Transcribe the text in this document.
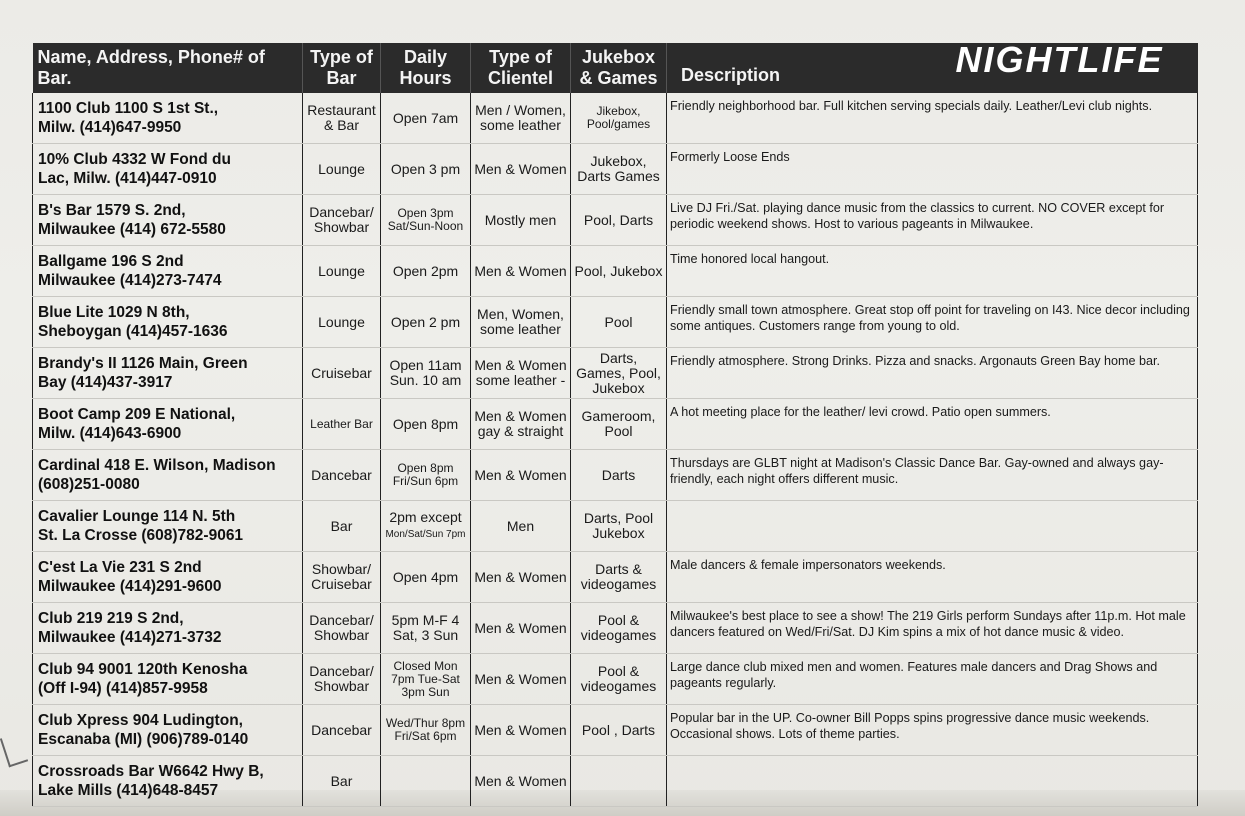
Name, Address, Phone# of Bar.	Type of Bar	Daily Hours	Type of Clientel	Jukebox & Games	Description NIGHTLIFE

1100 Club 1100 S 1st St.,
Milw. (414)647-9950	Restaurant & Bar	Open 7am	Men / Women, some leather	Jikebox, Pool/games	Friendly neighborhood bar. Full kitchen serving specials daily. Leather/Levi club nights.
10% Club 4332 W Fond du
Lac, Milw. (414)447-0910	Lounge	Open 3 pm	Men & Women	Jukebox, Darts Games	Formerly Loose Ends
B's Bar 1579 S. 2nd,
Milwaukee (414) 672-5580	Dancebar/ Showbar	Open 3pm Sat/Sun-Noon	Mostly men	Pool, Darts	Live DJ Fri./Sat. playing dance music from the classics to current. NO COVER except for periodic weekend shows. Host to various pageants in Milwaukee.
Ballgame 196 S 2nd
Milwaukee (414)273-7474	Lounge	Open 2pm	Men & Women	Pool, Jukebox	Time honored local hangout.
Blue Lite 1029 N 8th,
Sheboygan (414)457-1636	Lounge	Open 2 pm	Men, Women, some leather	Pool	Friendly small town atmosphere. Great stop off point for traveling on I43. Nice decor including some antiques. Customers range from young to old.
Brandy's II 1126 Main, Green
Bay (414)437-3917	Cruisebar	Open 11am Sun. 10 am	Men & Women some leather -	Darts, Games, Pool, Jukebox	Friendly atmosphere. Strong Drinks. Pizza and snacks. Argonauts Green Bay home bar.
Boot Camp 209 E National,
Milw. (414)643-6900	Leather Bar	Open 8pm	Men & Women gay & straight	Gameroom, Pool	A hot meeting place for the leather/ levi crowd. Patio open summers.
Cardinal 418 E. Wilson, Madison
(608)251-0080	Dancebar	Open 8pm Fri/Sun 6pm	Men & Women	Darts	Thursdays are GLBT night at Madison's Classic Dance Bar. Gay-owned and always gay-friendly, each night offers different music.
Cavalier Lounge 114 N. 5th
St. La Crosse (608)782-9061	Bar	2pm except
Mon/Sat/Sun 7pm	Men	Darts, Pool Jukebox	
C'est La Vie 231 S 2nd
Milwaukee (414)291-9600	Showbar/ Cruisebar	Open 4pm	Men & Women	Darts & videogames	Male dancers & female impersonators weekends.
Club 219 219 S 2nd,
Milwaukee (414)271-3732	Dancebar/ Showbar	5pm M-F 4 Sat, 3 Sun	Men & Women	Pool & videogames	Milwaukee's best place to see a show! The 219 Girls perform Sundays after 11p.m. Hot male dancers featured on Wed/Fri/Sat. DJ Kim spins a mix of hot dance music & video.
Club 94 9001 120th Kenosha
(Off I-94) (414)857-9958	Dancebar/ Showbar	Closed Mon 7pm Tue-Sat 3pm Sun	Men & Women	Pool & videogames	Large dance club mixed men and women. Features male dancers and Drag Shows and pageants regularly.
Club Xpress 904 Ludington,
Escanaba (MI) (906)789-0140	Dancebar	Wed/Thur 8pm Fri/Sat 6pm	Men & Women	Pool , Darts	Popular bar in the UP. Co-owner Bill Popps spins progressive dance music weekends. Occasional shows. Lots of theme parties.
Crossroads Bar W6642 Hwy B,
Lake Mills (414)648-8457	Bar		Men & Women		
